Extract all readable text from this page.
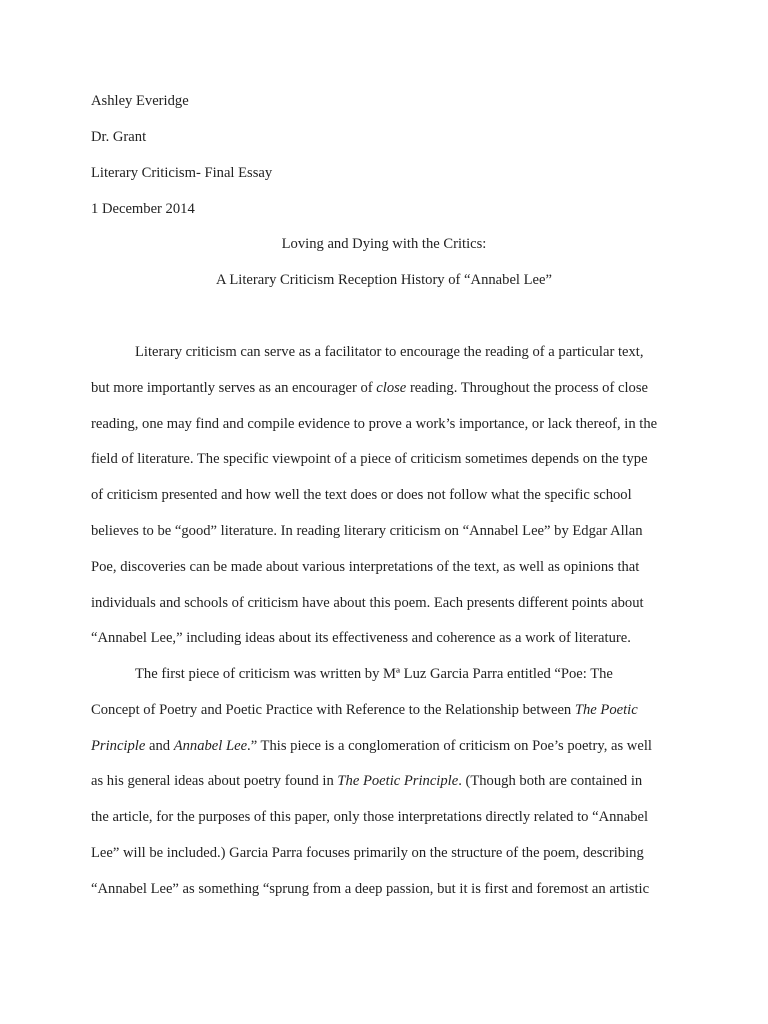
Ashley Everidge
Dr. Grant
Literary Criticism- Final Essay
1 December 2014
Loving and Dying with the Critics:
A Literary Criticism Reception History of “Annabel Lee”
Literary criticism can serve as a facilitator to encourage the reading of a particular text,
but more importantly serves as an encourager of close reading. Throughout the process of close
reading, one may find and compile evidence to prove a work’s importance, or lack thereof, in the
field of literature. The specific viewpoint of a piece of criticism sometimes depends on the type
of criticism presented and how well the text does or does not follow what the specific school
believes to be “good” literature. In reading literary criticism on “Annabel Lee” by Edgar Allan
Poe, discoveries can be made about various interpretations of the text, as well as opinions that
individuals and schools of criticism have about this poem. Each presents different points about
“Annabel Lee,” including ideas about its effectiveness and coherence as a work of literature.
The first piece of criticism was written by Mª Luz Garcia Parra entitled “Poe: The
Concept of Poetry and Poetic Practice with Reference to the Relationship between The Poetic
Principle and Annabel Lee.” This piece is a conglomeration of criticism on Poe’s poetry, as well
as his general ideas about poetry found in The Poetic Principle. (Though both are contained in
the article, for the purposes of this paper, only those interpretations directly related to “Annabel
Lee” will be included.) Garcia Parra focuses primarily on the structure of the poem, describing
“Annabel Lee” as something “sprung from a deep passion, but it is first and foremost an artistic
